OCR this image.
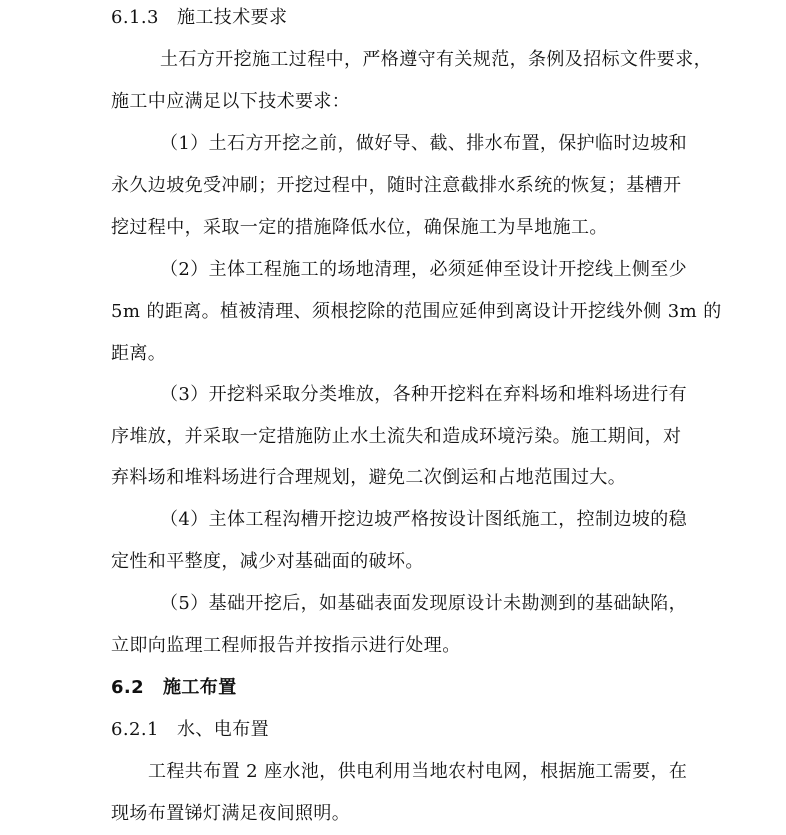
6.1.3 施工技术要求
土石方开挖施工过程中，严格遵守有关规范，条例及招标文件要求，
施工中应满足以下技术要求：
（1）土石方开挖之前，做好导、截、排水布置，保护临时边坡和
永久边坡免受冲刷；开挖过程中，随时注意截排水系统的恢复；基槽开
挖过程中，采取一定的措施降低水位，确保施工为旱地施工。
（2）主体工程施工的场地清理，必须延伸至设计开挖线上侧至少
5m 的距离。植被清理、须根挖除的范围应延伸到离设计开挖线外侧 3m 的
距离。
（3）开挖料采取分类堆放，各种开挖料在弃料场和堆料场进行有
序堆放，并采取一定措施防止水土流失和造成环境污染。施工期间，对
弃料场和堆料场进行合理规划，避免二次倒运和占地范围过大。
（4）主体工程沟槽开挖边坡严格按设计图纸施工，控制边坡的稳
定性和平整度，减少对基础面的破坏。
（5）基础开挖后，如基础表面发现原设计未勘测到的基础缺陷，
立即向监理工程师报告并按指示进行处理。
6.2 施工布置
6.2.1 水、电布置
工程共布置 2 座水池，供电利用当地农村电网，根据施工需要，在
现场布置锑灯满足夜间照明。
